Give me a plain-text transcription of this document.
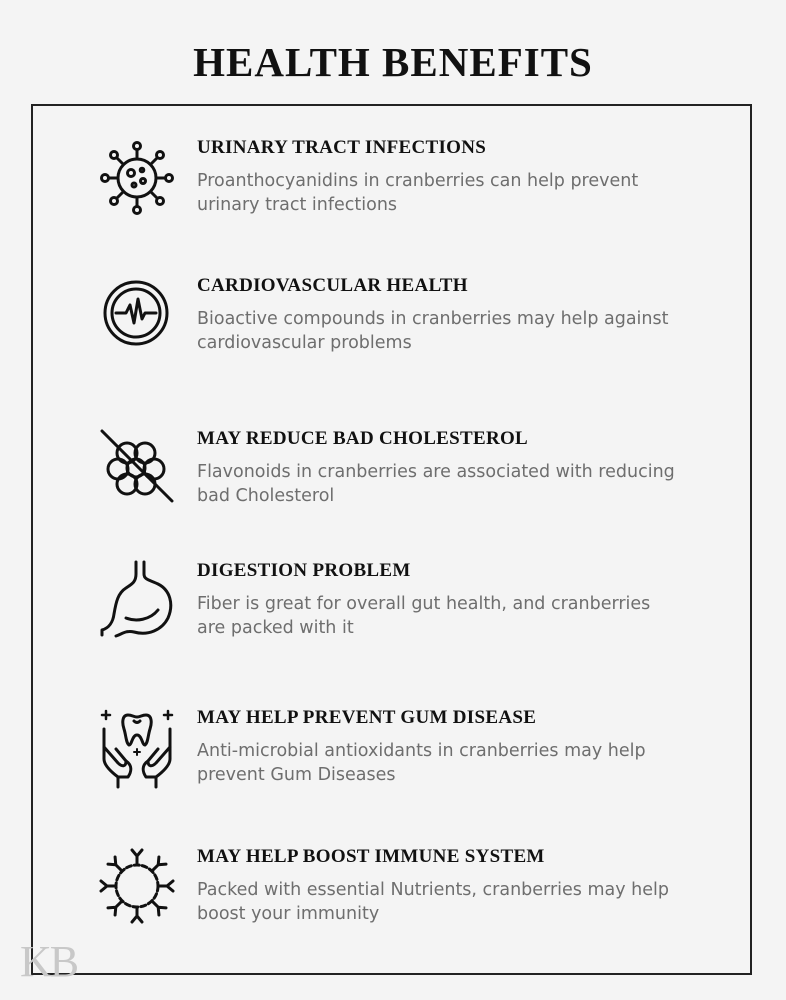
HEALTH BENEFITS
URINARY TRACT INFECTIONS
Proanthocyanidins in cranberries can help prevent
urinary tract infections
CARDIOVASCULAR HEALTH
Bioactive compounds in cranberries may help against
cardiovascular problems
MAY REDUCE BAD CHOLESTEROL
Flavonoids in cranberries are associated with reducing
bad Cholesterol
DIGESTION PROBLEM
Fiber is great for overall gut health, and cranberries
are packed with it
MAY HELP PREVENT GUM DISEASE
Anti-microbial antioxidants in cranberries may help
prevent Gum Diseases
MAY HELP BOOST IMMUNE SYSTEM
Packed with essential Nutrients, cranberries may help
boost your immunity
KB
